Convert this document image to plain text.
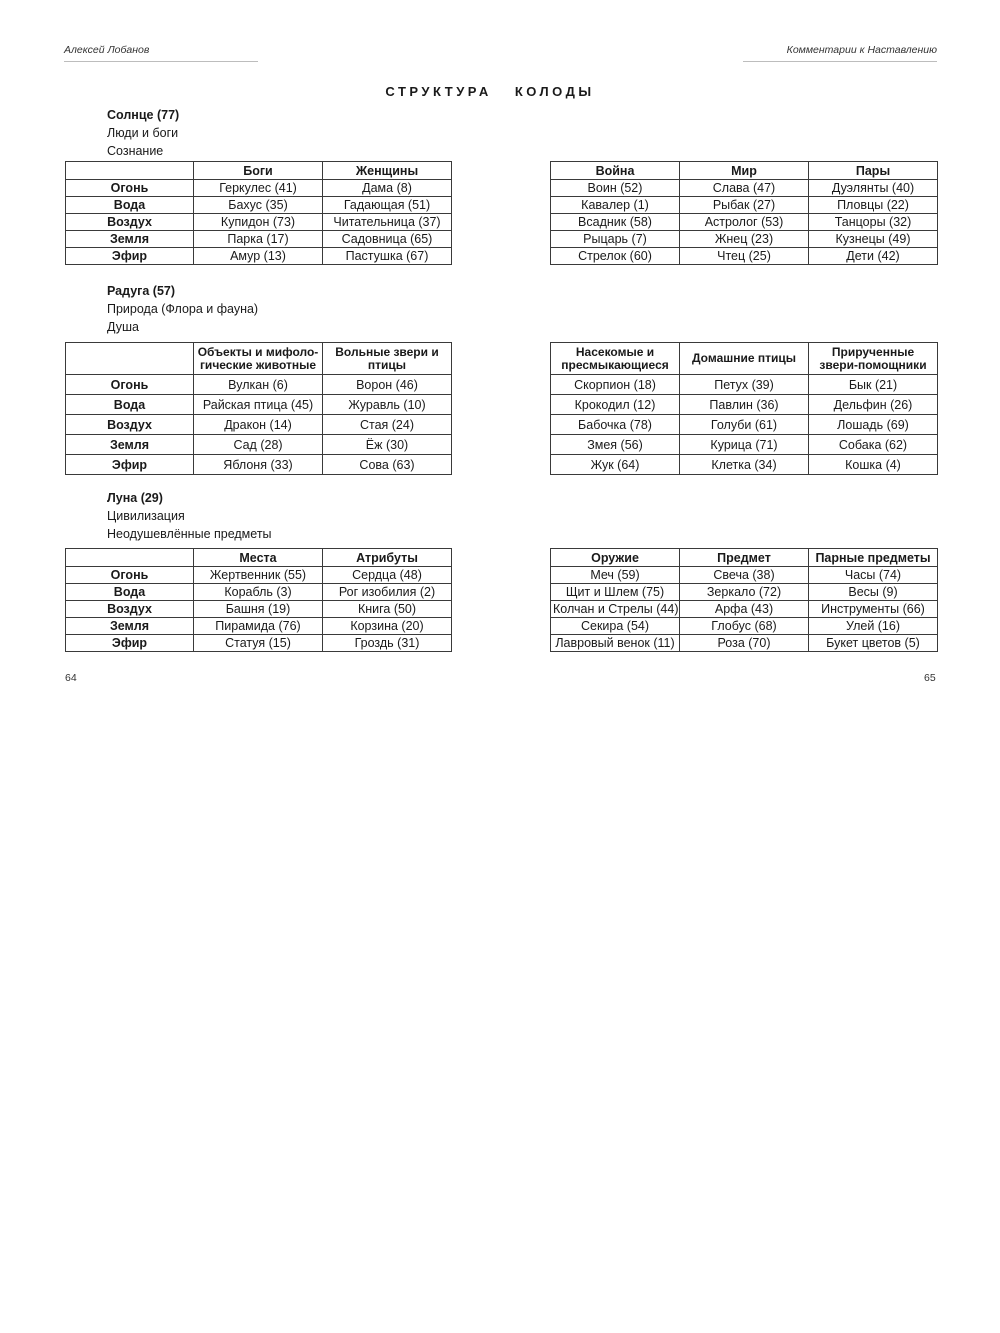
Алексей Лобанов	Комментарии к Наставлению
СТРУКТУРА КОЛОДЫ
Солнце (77)
Люди и боги
Сознание
	Боги	Женщины
Огонь	Геркулес (41)	Дама (8)
Вода	Бахус (35)	Гадающая (51)
Воздух	Купидон (73)	Читательница (37)
Земля	Парка (17)	Садовница (65)
Эфир	Амур (13)	Пастушка (67)
Война	Мир	Пары
Воин (52)	Слава (47)	Дуэлянты (40)
Кавалер (1)	Рыбак (27)	Пловцы (22)
Всадник (58)	Астролог (53)	Танцоры (32)
Рыцарь (7)	Жнец (23)	Кузнецы (49)
Стрелок (60)	Чтец (25)	Дети (42)
Радуга (57)
Природа (Флора и фауна)
Душа
	Объекты и мифоло-гические животные	Вольные звери и птицы
Огонь	Вулкан (6)	Ворон (46)
Вода	Райская птица (45)	Журавль (10)
Воздух	Дракон (14)	Стая (24)
Земля	Сад (28)	Ёж (30)
Эфир	Яблоня (33)	Сова (63)
Насекомые и пресмыкающиеся	Домашние птицы	Прирученные звери-помощники
Скорпион (18)	Петух (39)	Бык (21)
Крокодил (12)	Павлин (36)	Дельфин (26)
Бабочка (78)	Голуби (61)	Лошадь (69)
Змея (56)	Курица (71)	Собака (62)
Жук (64)	Клетка (34)	Кошка (4)
Луна (29)
Цивилизация
Неодушевлённые предметы
	Места	Атрибуты
Огонь	Жертвенник (55)	Сердца (48)
Вода	Корабль (3)	Рог изобилия (2)
Воздух	Башня (19)	Книга (50)
Земля	Пирамида (76)	Корзина (20)
Эфир	Статуя (15)	Гроздь (31)
Оружие	Предмет	Парные предметы
Меч (59)	Свеча (38)	Часы (74)
Щит и Шлем (75)	Зеркало (72)	Весы (9)
Колчан и Стрелы (44)	Арфа (43)	Инструменты (66)
Секира (54)	Глобус (68)	Улей (16)
Лавровый венок (11)	Роза (70)	Букет цветов (5)
64	65
